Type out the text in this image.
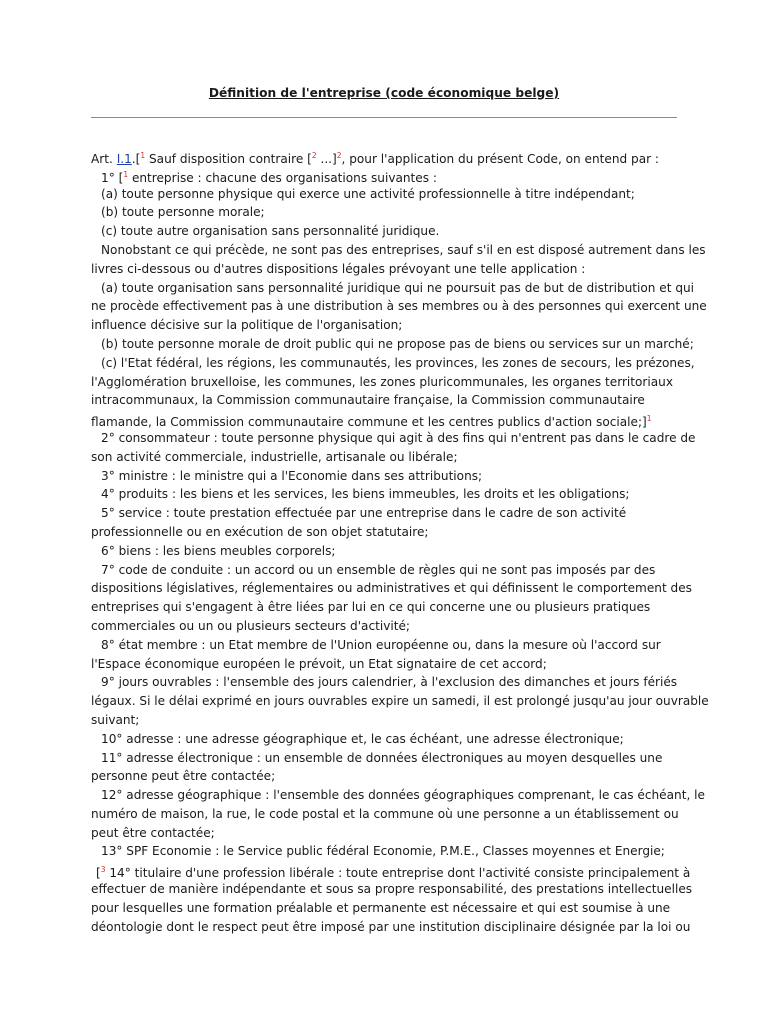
Définition de l'entreprise (code économique belge)
Art. I.1.[$^1$ Sauf disposition contraire [$^2$ ...]$^2$, pour l'application du présent Code, on entend par :
1° [$^1$ entreprise : chacune des organisations suivantes :
(a) toute personne physique qui exerce une activité professionnelle à titre indépendant;
(b) toute personne morale;
(c) toute autre organisation sans personnalité juridique.
Nonobstant ce qui précède, ne sont pas des entreprises, sauf s'il en est disposé autrement dans les
livres ci-dessous ou d'autres dispositions légales prévoyant une telle application :
(a) toute organisation sans personnalité juridique qui ne poursuit pas de but de distribution et qui
ne procède effectivement pas à une distribution à ses membres ou à des personnes qui exercent une
influence décisive sur la politique de l'organisation;
(b) toute personne morale de droit public qui ne propose pas de biens ou services sur un marché;
(c) l'Etat fédéral, les régions, les communautés, les provinces, les zones de secours, les prézones,
l'Agglomération bruxelloise, les communes, les zones pluricommunales, les organes territoriaux
intracommunaux, la Commission communautaire française, la Commission communautaire
flamande, la Commission communautaire commune et les centres publics d'action sociale;]$^1$
2° consommateur : toute personne physique qui agit à des fins qui n'entrent pas dans le cadre de
son activité commerciale, industrielle, artisanale ou libérale;
3° ministre : le ministre qui a l'Economie dans ses attributions;
4° produits : les biens et les services, les biens immeubles, les droits et les obligations;
5° service : toute prestation effectuée par une entreprise dans le cadre de son activité
professionnelle ou en exécution de son objet statutaire;
6° biens : les biens meubles corporels;
7° code de conduite : un accord ou un ensemble de règles qui ne sont pas imposés par des
dispositions législatives, réglementaires ou administratives et qui définissent le comportement des
entreprises qui s'engagent à être liées par lui en ce qui concerne une ou plusieurs pratiques
commerciales ou un ou plusieurs secteurs d'activité;
8° état membre : un Etat membre de l'Union européenne ou, dans la mesure où l'accord sur
l'Espace économique européen le prévoit, un Etat signataire de cet accord;
9° jours ouvrables : l'ensemble des jours calendrier, à l'exclusion des dimanches et jours fériés
légaux. Si le délai exprimé en jours ouvrables expire un samedi, il est prolongé jusqu'au jour ouvrable
suivant;
10° adresse : une adresse géographique et, le cas échéant, une adresse électronique;
11° adresse électronique : un ensemble de données électroniques au moyen desquelles une
personne peut être contactée;
12° adresse géographique : l'ensemble des données géographiques comprenant, le cas échéant, le
numéro de maison, la rue, le code postal et la commune où une personne a un établissement ou
peut être contactée;
13° SPF Economie : le Service public fédéral Economie, P.M.E., Classes moyennes et Energie;
[$^3$ 14° titulaire d'une profession libérale : toute entreprise dont l'activité consiste principalement à
effectuer de manière indépendante et sous sa propre responsabilité, des prestations intellectuelles
pour lesquelles une formation préalable et permanente est nécessaire et qui est soumise à une
déontologie dont le respect peut être imposé par une institution disciplinaire désignée par la loi ou
